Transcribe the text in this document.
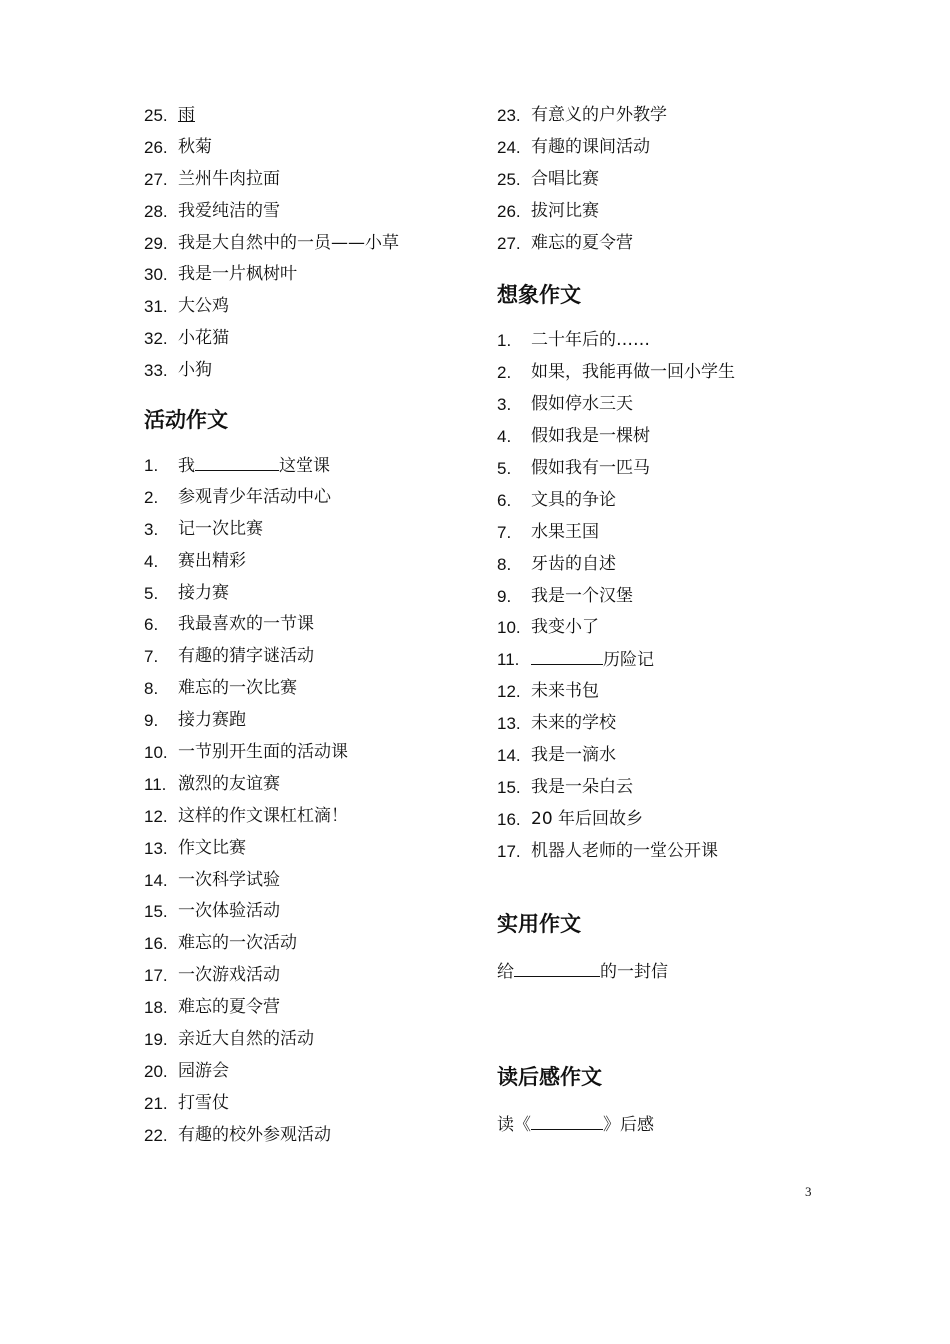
25. 雨
26. 秋菊
27. 兰州牛肉拉面
28. 我爱纯洁的雪
29. 我是大自然中的一员——小草
30. 我是一片枫树叶
31. 大公鸡
32. 小花猫
33. 小狗
活动作文
1.	我	这堂课
2.	参观青少年活动中心
3.	记一次比赛
4.	赛出精彩
5.	接力赛
6.	我最喜欢的一节课
7.	有趣的猜字谜活动
8.	难忘的一次比赛
9.	接力赛跑
10. 一节别开生面的活动课
11. 激烈的友谊赛
12. 这样的作文课杠杠滴！
13. 作文比赛
14. 一次科学试验
15. 一次体验活动
16. 难忘的一次活动
17. 一次游戏活动
18. 难忘的夏令营
19. 亲近大自然的活动
20. 园游会
21. 打雪仗
22. 有趣的校外参观活动
23. 有意义的户外教学
24. 有趣的课间活动
25. 合唱比赛
26. 拔河比赛
27. 难忘的夏令营
想象作文
1.	二十年后的……
2.	如果，我能再做一回小学生
3.	假如停水三天
4.	假如我是一棵树
5.	假如我有一匹马
6.	文具的争论
7.	水果王国
8.	牙齿的自述
9.	我是一个汉堡
10. 我变小了
11.	历险记
12. 未来书包
13. 未来的学校
14. 我是一滴水
15. 我是一朵白云
16. 20 年后回故乡
17. 机器人老师的一堂公开课
实用作文
给	的一封信
读后感作文
读《	》后感
3
